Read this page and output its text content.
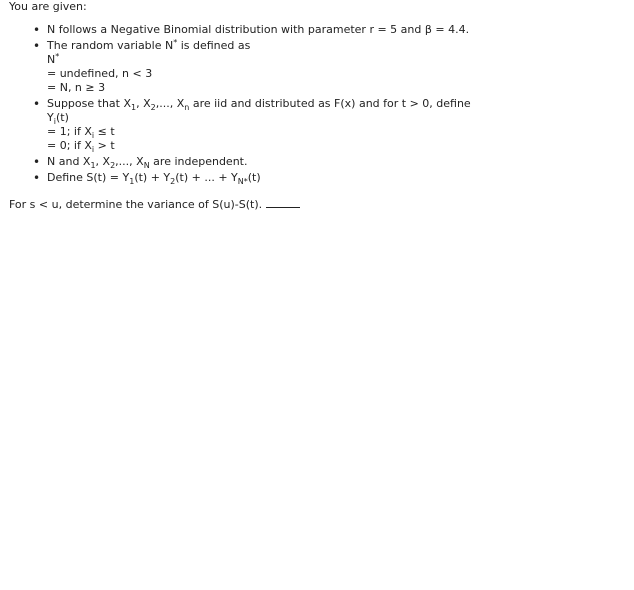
You are given:

• N follows a Negative Binomial distribution with parameter r = 5 and β = 4.4.
• The random variable N* is defined as
N*
= undefined, n < 3
= N, n ≥ 3
• Suppose that $X_1$, $X_2$,..., $X_n$ are iid and distributed as F(x) and for t > 0, define
$Y_i(t)$
= 1; if $X_i \le t$
= 0; if $X_i > t$
• N and $X_1$, $X_2$,..., $X_N$ are independent.
• Define $S(t) = Y_1(t) + Y_2(t)$ + ... + $Y_{N*}(t)$
For s < u, determine the variance of S(u)-S(t).
